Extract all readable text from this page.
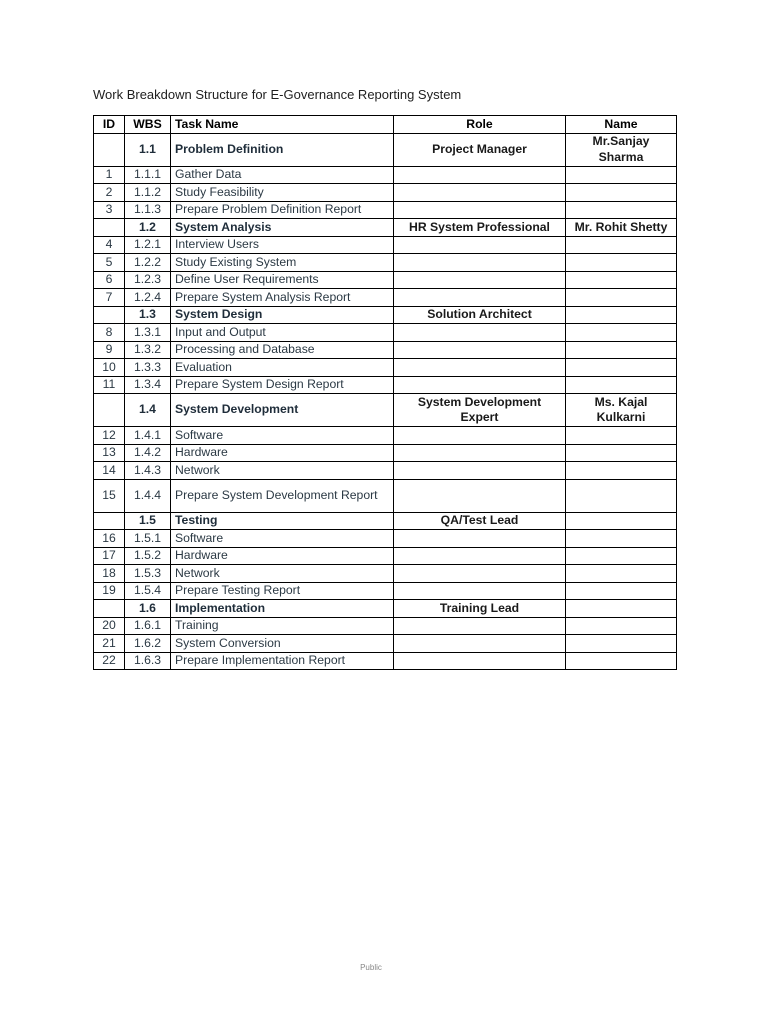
Work Breakdown Structure for E-Governance Reporting System
ID	WBS	Task Name	Role	Name
	1.1	Problem Definition	Project Manager	Mr.Sanjay Sharma
1	1.1.1	Gather Data		
2	1.1.2	Study Feasibility		
3	1.1.3	Prepare Problem Definition Report		
	1.2	System Analysis	HR System Professional	Mr. Rohit Shetty
4	1.2.1	Interview Users		
5	1.2.2	Study Existing System		
6	1.2.3	Define User Requirements		
7	1.2.4	Prepare System Analysis Report		
	1.3	System Design	Solution Architect	
8	1.3.1	Input and Output		
9	1.3.2	Processing and Database		
10	1.3.3	Evaluation		
11	1.3.4	Prepare System Design Report		
	1.4	System Development	System Development Expert	Ms. Kajal Kulkarni
12	1.4.1	Software		
13	1.4.2	Hardware		
14	1.4.3	Network		
15	1.4.4	Prepare System Development Report		
	1.5	Testing	QA/Test Lead	
16	1.5.1	Software		
17	1.5.2	Hardware		
18	1.5.3	Network		
19	1.5.4	Prepare Testing Report		
	1.6	Implementation	Training Lead	
20	1.6.1	Training		
21	1.6.2	System Conversion		
22	1.6.3	Prepare Implementation Report		
Public
